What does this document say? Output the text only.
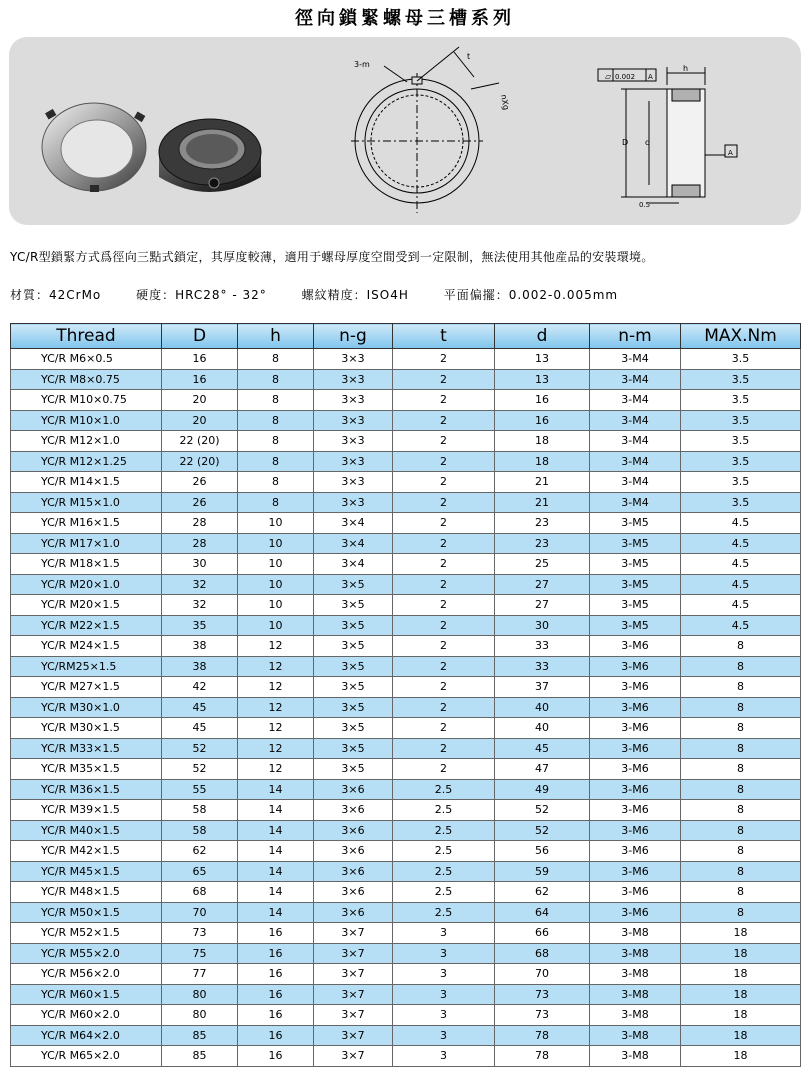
徑向鎖緊螺母三槽系列
3-m
t
nXg
▱ 0.002 A
h
D d
A
0.5
YC/R型鎖緊方式爲徑向三點式鎖定，其厚度較薄，適用于螺母厚度空間受到一定限制，無法使用其他産品的安裝環境。
材質：42CrMo	硬度：HRC28° - 32°	螺紋精度：ISO4H	平面偏擺：0.002-0.005mm
Thread	D	h	n-g	t	d	n-m	MAX.Nm
YC/R M6×0.5	16	8	3×3	2	13	3-M4	3.5
YC/R M8×0.75	16	8	3×3	2	13	3-M4	3.5
YC/R M10×0.75	20	8	3×3	2	16	3-M4	3.5
YC/R M10×1.0	20	8	3×3	2	16	3-M4	3.5
YC/R M12×1.0	22 (20)	8	3×3	2	18	3-M4	3.5
YC/R M12×1.25	22 (20)	8	3×3	2	18	3-M4	3.5
YC/R M14×1.5	26	8	3×3	2	21	3-M4	3.5
YC/R M15×1.0	26	8	3×3	2	21	3-M4	3.5
YC/R M16×1.5	28	10	3×4	2	23	3-M5	4.5
YC/R M17×1.0	28	10	3×4	2	23	3-M5	4.5
YC/R M18×1.5	30	10	3×4	2	25	3-M5	4.5
YC/R M20×1.0	32	10	3×5	2	27	3-M5	4.5
YC/R M20×1.5	32	10	3×5	2	27	3-M5	4.5
YC/R M22×1.5	35	10	3×5	2	30	3-M5	4.5
YC/R M24×1.5	38	12	3×5	2	33	3-M6	8
YC/RM25×1.5	38	12	3×5	2	33	3-M6	8
YC/R M27×1.5	42	12	3×5	2	37	3-M6	8
YC/R M30×1.0	45	12	3×5	2	40	3-M6	8
YC/R M30×1.5	45	12	3×5	2	40	3-M6	8
YC/R M33×1.5	52	12	3×5	2	45	3-M6	8
YC/R M35×1.5	52	12	3×5	2	47	3-M6	8
YC/R M36×1.5	55	14	3×6	2.5	49	3-M6	8
YC/R M39×1.5	58	14	3×6	2.5	52	3-M6	8
YC/R M40×1.5	58	14	3×6	2.5	52	3-M6	8
YC/R M42×1.5	62	14	3×6	2.5	56	3-M6	8
YC/R M45×1.5	65	14	3×6	2.5	59	3-M6	8
YC/R M48×1.5	68	14	3×6	2.5	62	3-M6	8
YC/R M50×1.5	70	14	3×6	2.5	64	3-M6	8
YC/R M52×1.5	73	16	3×7	3	66	3-M8	18
YC/R M55×2.0	75	16	3×7	3	68	3-M8	18
YC/R M56×2.0	77	16	3×7	3	70	3-M8	18
YC/R M60×1.5	80	16	3×7	3	73	3-M8	18
YC/R M60×2.0	80	16	3×7	3	73	3-M8	18
YC/R M64×2.0	85	16	3×7	3	78	3-M8	18
YC/R M65×2.0	85	16	3×7	3	78	3-M8	18
